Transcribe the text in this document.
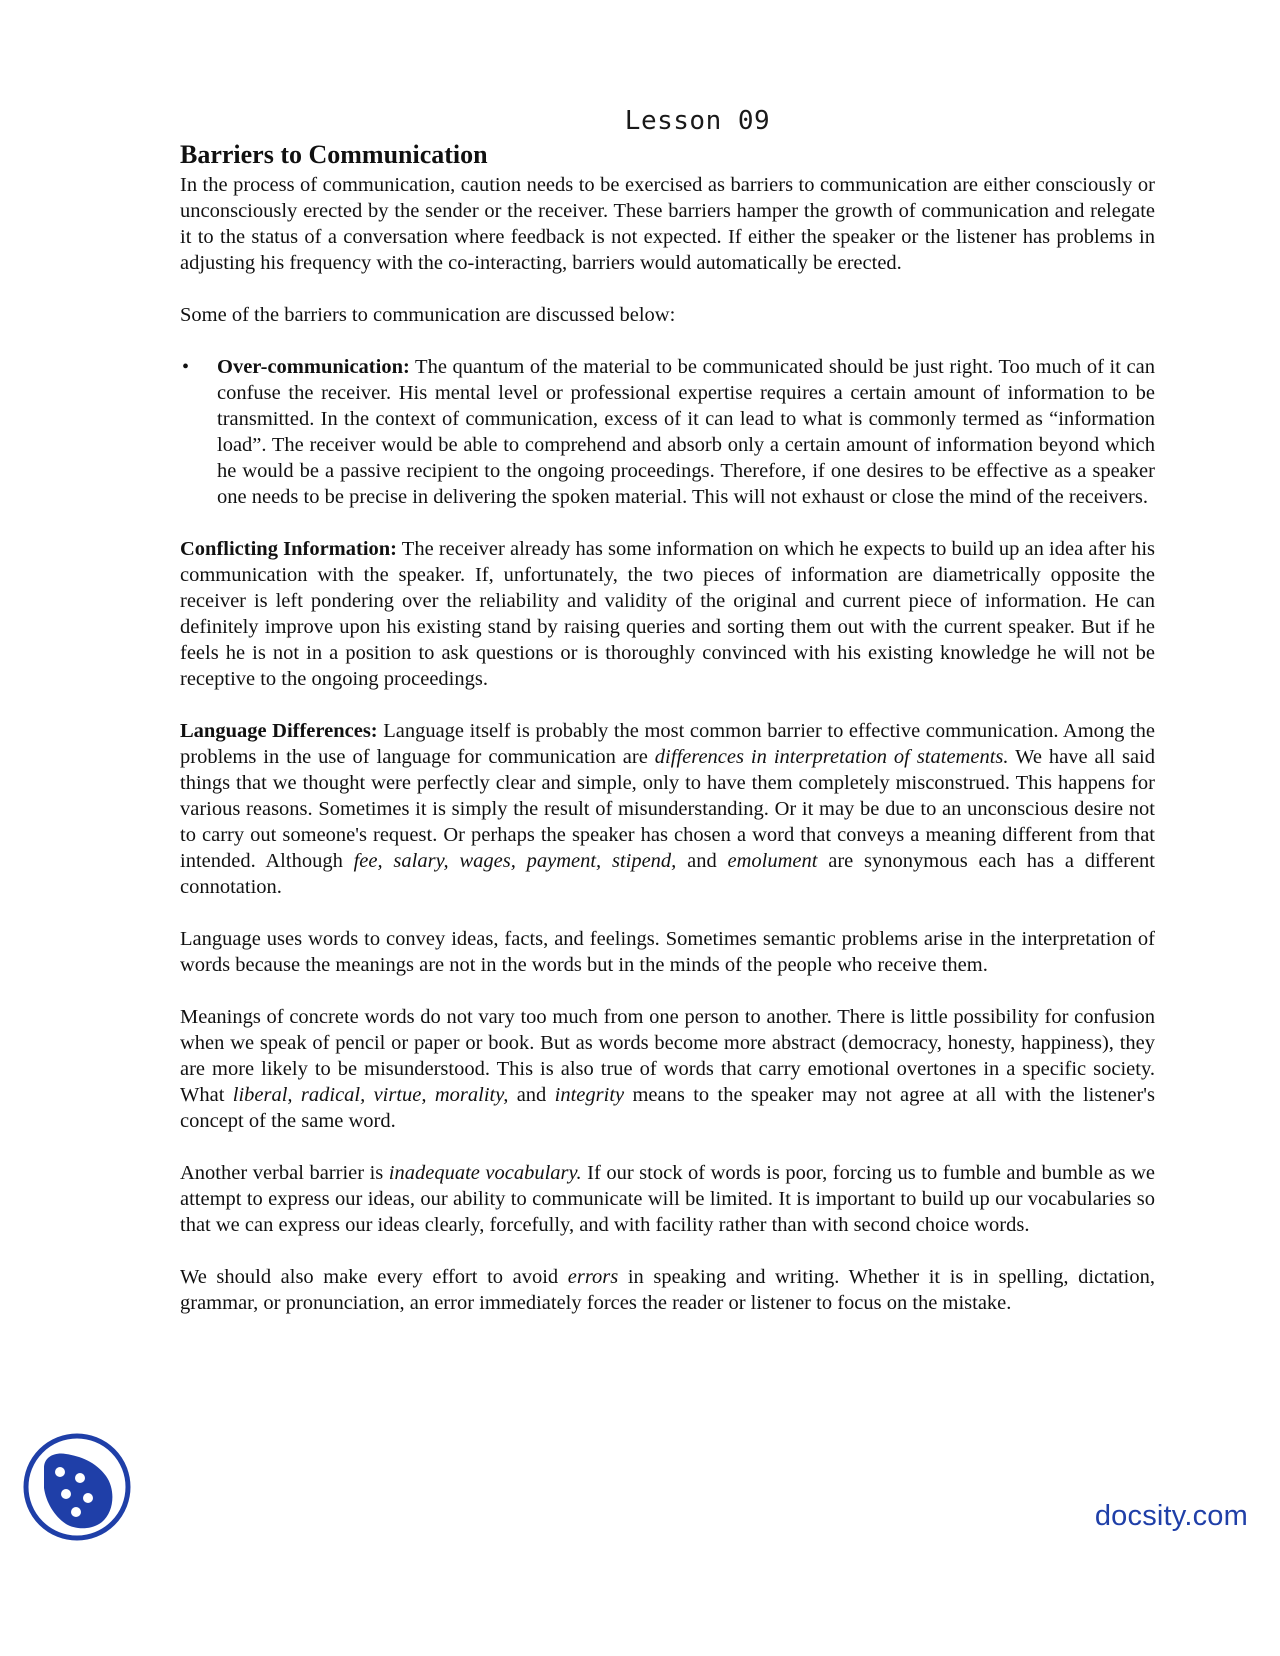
Lesson 09
Barriers to Communication

In the process of communication, caution needs to be exercised as barriers to communication are either consciously or unconsciously erected by the sender or the receiver. These barriers hamper the growth of communication and relegate it to the status of a conversation where feedback is not expected. If either the speaker or the listener has problems in adjusting his frequency with the co-interacting, barriers would automatically be erected.

Some of the barriers to communication are discussed below:

• Over-communication: The quantum of the material to be communicated should be just right. Too much of it can confuse the receiver. His mental level or professional expertise requires a certain amount of information to be transmitted. In the context of communication, excess of it can lead to what is commonly termed as “information load”. The receiver would be able to comprehend and absorb only a certain amount of information beyond which he would be a passive recipient to the ongoing proceedings. Therefore, if one desires to be effective as a speaker one needs to be precise in delivering the spoken material. This will not exhaust or close the mind of the receivers.

Conflicting Information: The receiver already has some information on which he expects to build up an idea after his communication with the speaker. If, unfortunately, the two pieces of information are diametrically opposite the receiver is left pondering over the reliability and validity of the original and current piece of information. He can definitely improve upon his existing stand by raising queries and sorting them out with the current speaker. But if he feels he is not in a position to ask questions or is thoroughly convinced with his existing knowledge he will not be receptive to the ongoing proceedings.

Language Differences: Language itself is probably the most common barrier to effective communication. Among the problems in the use of language for communication are differences in interpretation of statements. We have all said things that we thought were perfectly clear and simple, only to have them completely misconstrued. This happens for various reasons. Sometimes it is simply the result of misunderstanding. Or it may be due to an unconscious desire not to carry out someone's request. Or perhaps the speaker has chosen a word that conveys a meaning different from that intended. Although fee, salary, wages, payment, stipend, and emolument are synonymous each has a different connotation.

Language uses words to convey ideas, facts, and feelings. Sometimes semantic problems arise in the interpretation of words because the meanings are not in the words but in the minds of the people who receive them.

Meanings of concrete words do not vary too much from one person to another. There is little possibility for confusion when we speak of pencil or paper or book. But as words become more abstract (democracy, honesty, happiness), they are more likely to be misunderstood. This is also true of words that carry emotional overtones in a specific society. What liberal, radical, virtue, morality, and integrity means to the speaker may not agree at all with the listener's concept of the same word.

Another verbal barrier is inadequate vocabulary. If our stock of words is poor, forcing us to fumble and bumble as we attempt to express our ideas, our ability to communicate will be limited. It is important to build up our vocabularies so that we can express our ideas clearly, forcefully, and with facility rather than with second choice words.

We should also make every effort to avoid errors in speaking and writing. Whether it is in spelling, dictation, grammar, or pronunciation, an error immediately forces the reader or listener to focus on the mistake.

docsity.com
